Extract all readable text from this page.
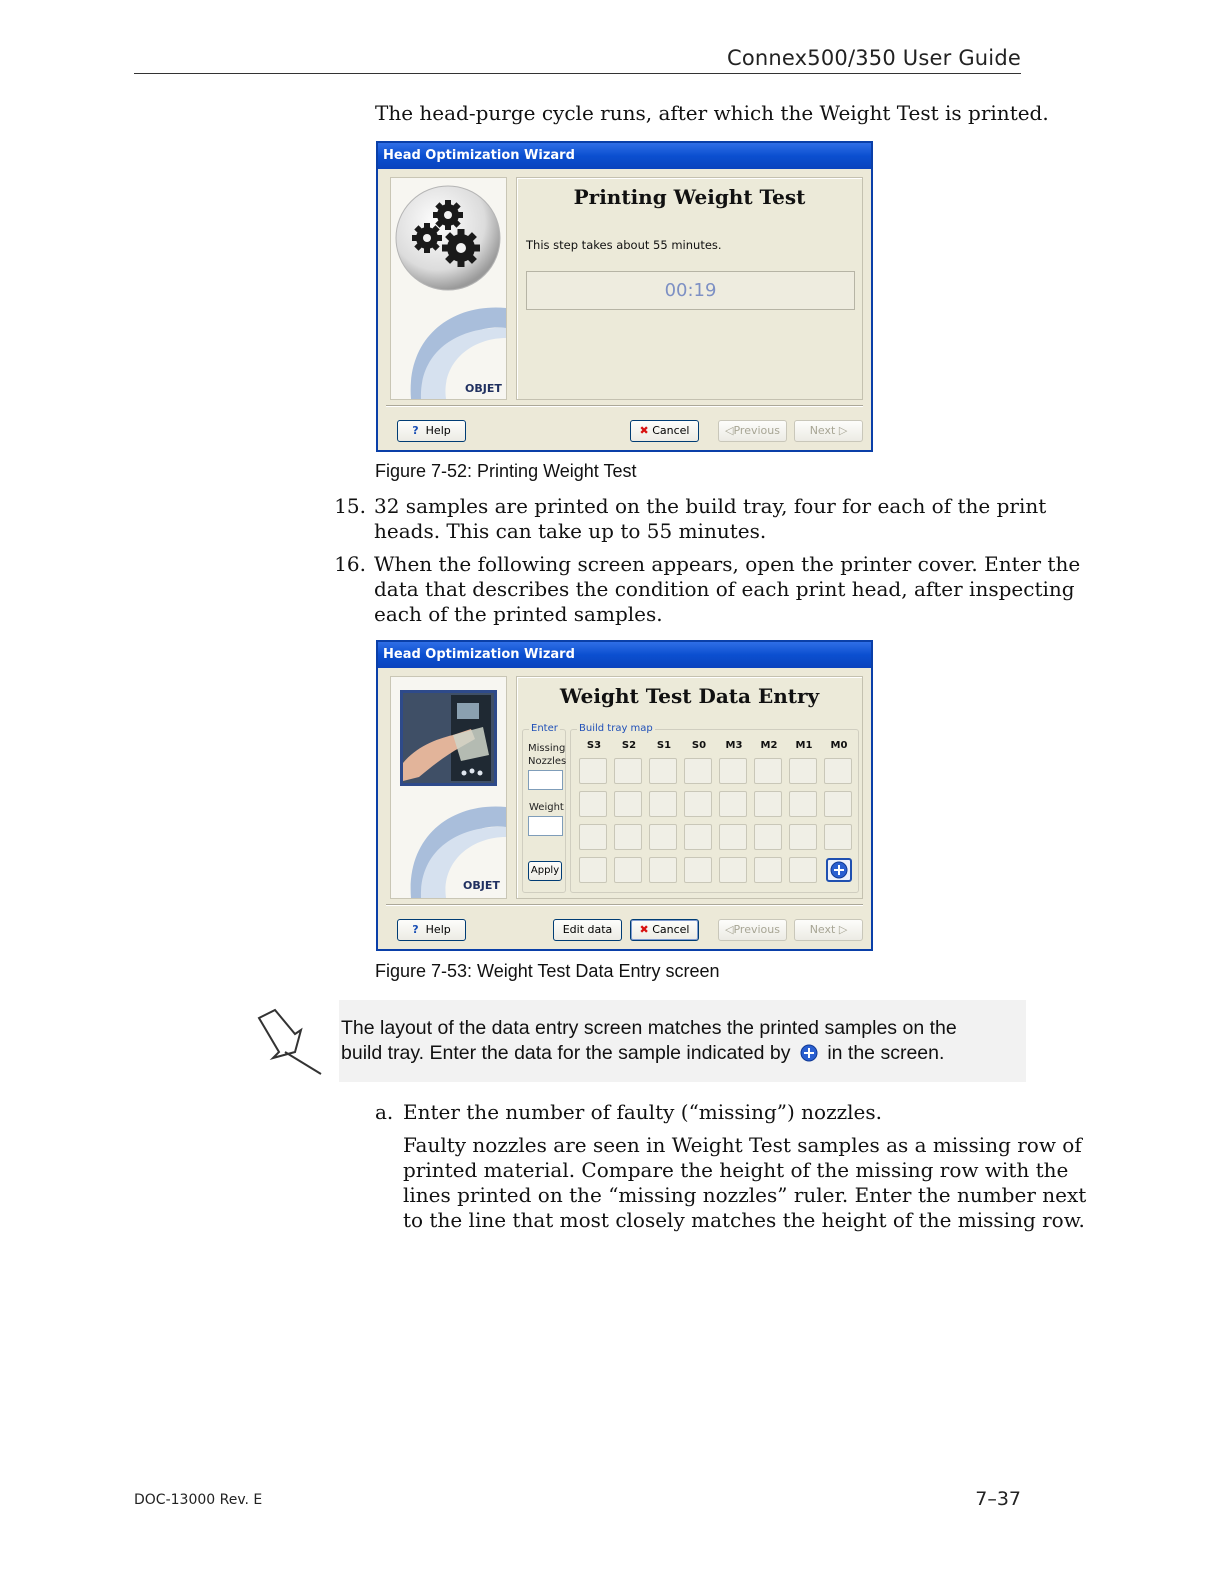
Connex500/350 User Guide
The head-purge cycle runs, after which the Weight Test is printed.
Head Optimization Wizard
OBJET
Printing Weight Test
This step takes about 55 minutes.
00:19
? Help	✖ Cancel	◁Previous	Next ▷
Figure 7-52: Printing Weight Test
15. 32 samples are printed on the build tray, four for each of the print
heads. This can take up to 55 minutes.
16. When the following screen appears, open the printer cover. Enter the
data that describes the condition of each print head, after inspecting
each of the printed samples.
Head Optimization Wizard
OBJET
Weight Test Data Entry
Enter
Missing
Nozzles
Weight
Apply
Build tray map
S3	S2	S1	S0	M3	M2	M1	M0
? Help	Edit data	✖ Cancel	◁Previous	Next ▷
Figure 7-53: Weight Test Data Entry screen
The layout of the data entry screen matches the printed samples on the
build tray. Enter the data for the sample indicated by in the screen.
a. Enter the number of faulty (“missing”) nozzles.
Faulty nozzles are seen in Weight Test samples as a missing row of
printed material. Compare the height of the missing row with the
lines printed on the “missing nozzles” ruler. Enter the number next
to the line that most closely matches the height of the missing row.
DOC-13000 Rev. E	7–37
